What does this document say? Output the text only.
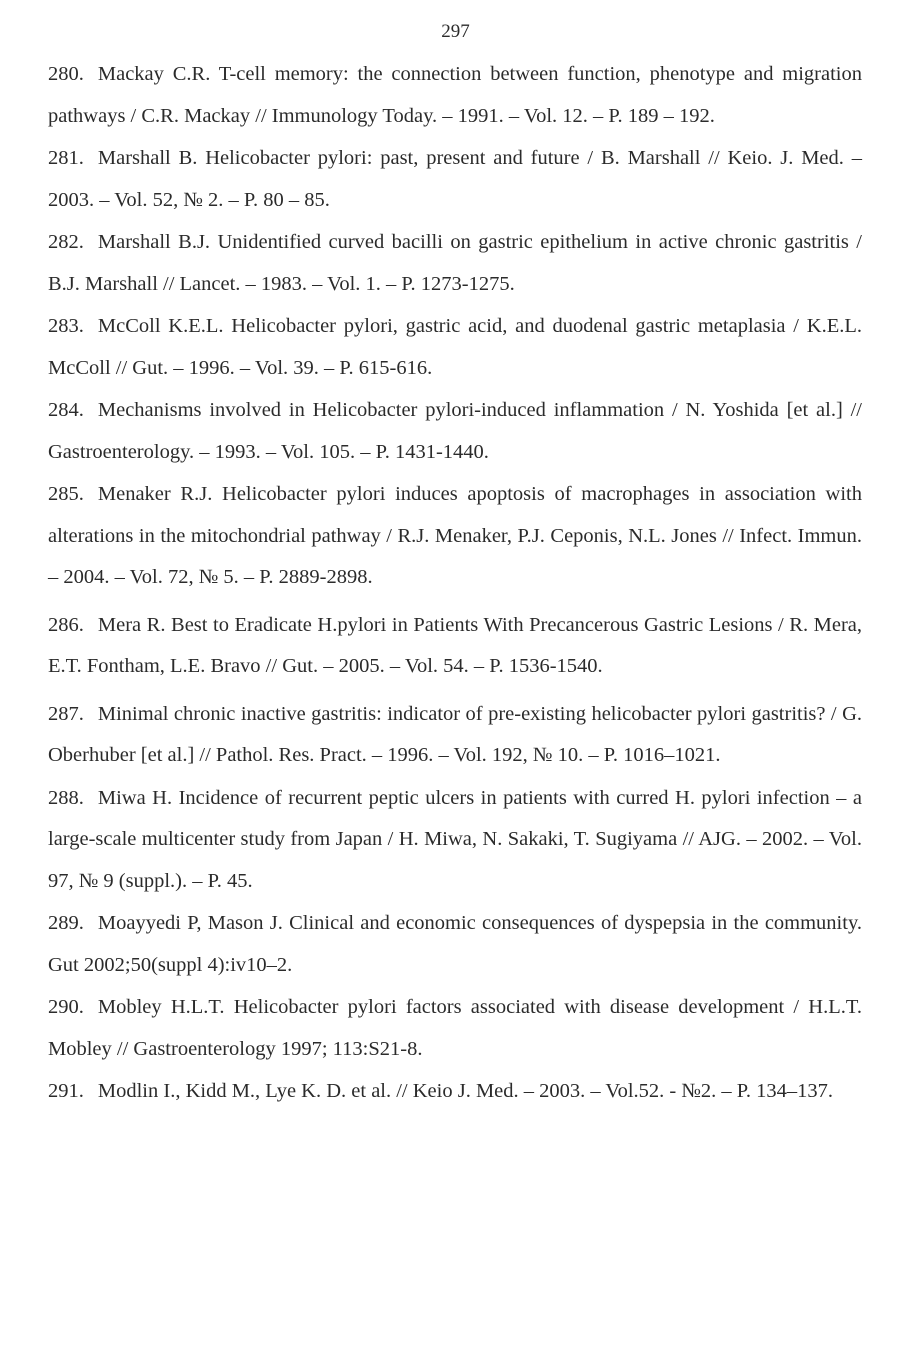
297

280. Mackay C.R. T-cell memory: the connection between function, phenotype and migration pathways / C.R. Mackay // Immunology Today. – 1991. – Vol. 12. – P. 189 – 192.

281. Marshall B. Helicobacter pylori: past, present and future / B. Marshall // Keio. J. Med. – 2003. – Vol. 52, № 2. – P. 80 – 85.

282. Marshall B.J. Unidentified curved bacilli on gastric epithelium in active chronic gastritis / B.J. Marshall // Lancet. – 1983. – Vol. 1. – P. 1273-1275.

283. McColl K.E.L. Helicobacter pylori, gastric acid, and duodenal gastric metaplasia / K.E.L. McColl // Gut. – 1996. – Vol. 39. – P. 615-616.

284. Mechanisms involved in Helicobacter pylori-induced inflammation / N. Yoshida [et al.] // Gastroenterology. – 1993. – Vol. 105. – P. 1431-1440.

285. Menaker R.J. Helicobacter pylori induces apoptosis of macrophages in association with alterations in the mitochondrial pathway / R.J. Menaker, P.J. Ceponis, N.L. Jones // Infect. Immun. – 2004. – Vol. 72, № 5. – P. 2889-2898.

286. Mera R. Best to Eradicate H.pylori in Patients With Precancerous Gastric Lesions / R. Mera, E.T. Fontham, L.E. Bravo // Gut. – 2005. – Vol. 54. – P. 1536-1540.

287. Minimal chronic inactive gastritis: indicator of pre-existing helicobacter pylori gastritis? / G. Oberhuber [et al.] // Pathol. Res. Pract. – 1996. – Vol. 192, № 10. – P. 1016–1021.

288. Miwa H. Incidence of recurrent peptic ulcers in patients with curred H. pylori infection – a large-scale multicenter study from Japan / H. Miwa, N. Sakaki, T. Sugiyama // AJG. – 2002. – Vol. 97, № 9 (suppl.). – P. 45.

289. Moayyedi P, Mason J. Clinical and economic consequences of dyspepsia in the community. Gut 2002;50(suppl 4):iv10–2.

290. Mobley H.L.T. Helicobacter pylori factors associated with disease development / H.L.T. Mobley // Gastroenterology 1997; 113:S21-8.

291. Modlin I., Kidd M., Lye K. D. et al. // Keio J. Med. – 2003. – Vol.52. - №2. – P. 134–137.
